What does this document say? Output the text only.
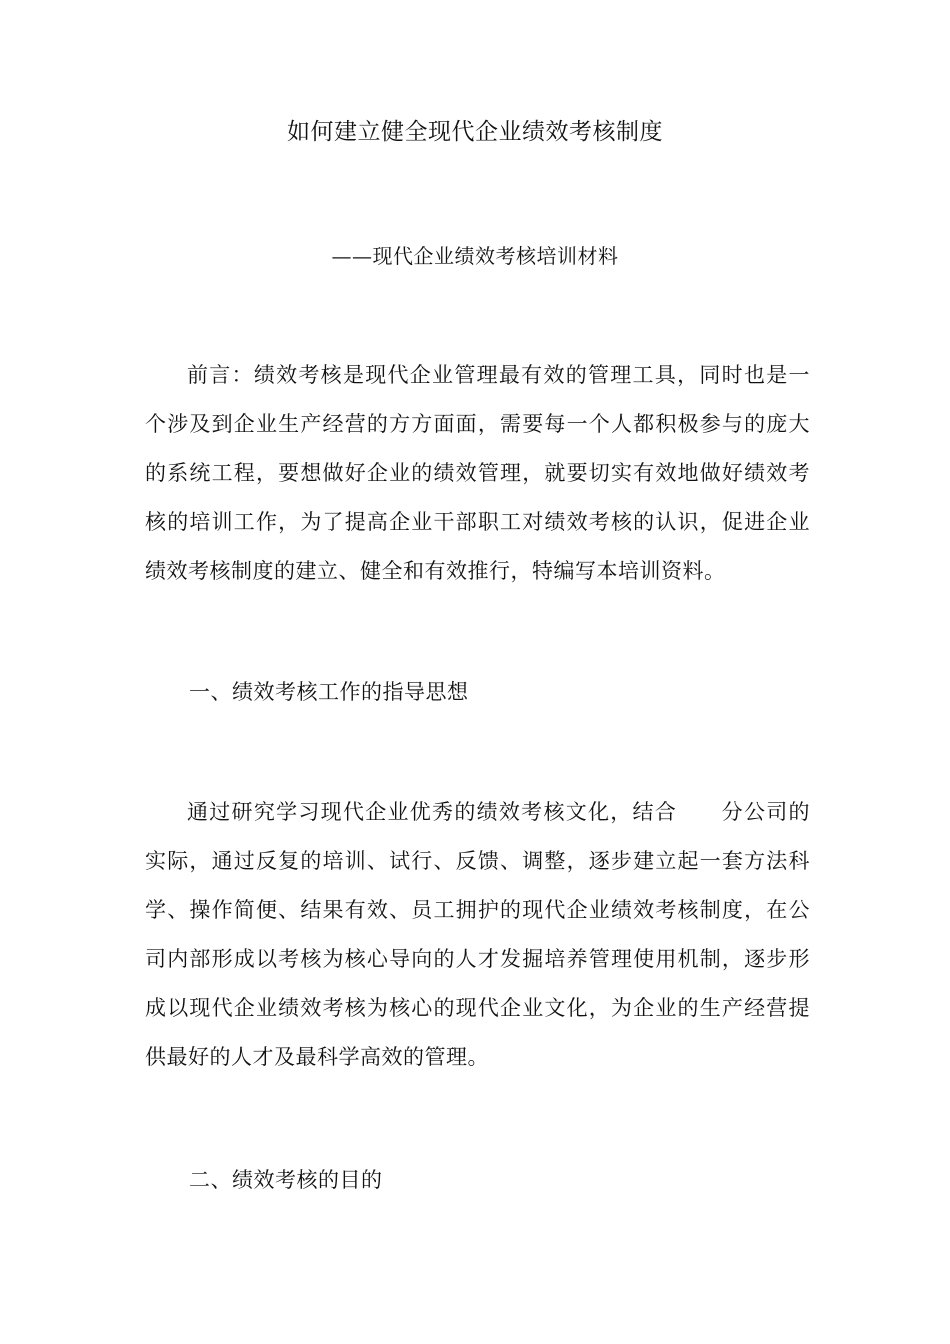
如何建立健全现代企业绩效考核制度
——现代企业绩效考核培训材料

前言：绩效考核是现代企业管理最有效的管理工具，同时也是一个涉及到企业生产经营的方方面面，需要每一个人都积极参与的庞大的系统工程，要想做好企业的绩效管理，就要切实有效地做好绩效考核的培训工作，为了提高企业干部职工对绩效考核的认识，促进企业绩效考核制度的建立、健全和有效推行，特编写本培训资料。

一、绩效考核工作的指导思想

通过研究学习现代企业优秀的绩效考核文化，结合　　分公司的实际，通过反复的培训、试行、反馈、调整，逐步建立起一套方法科学、操作简便、结果有效、员工拥护的现代企业绩效考核制度，在公司内部形成以考核为核心导向的人才发掘培养管理使用机制，逐步形成以现代企业绩效考核为核心的现代企业文化，为企业的生产经营提供最好的人才及最科学高效的管理。

二、绩效考核的目的
